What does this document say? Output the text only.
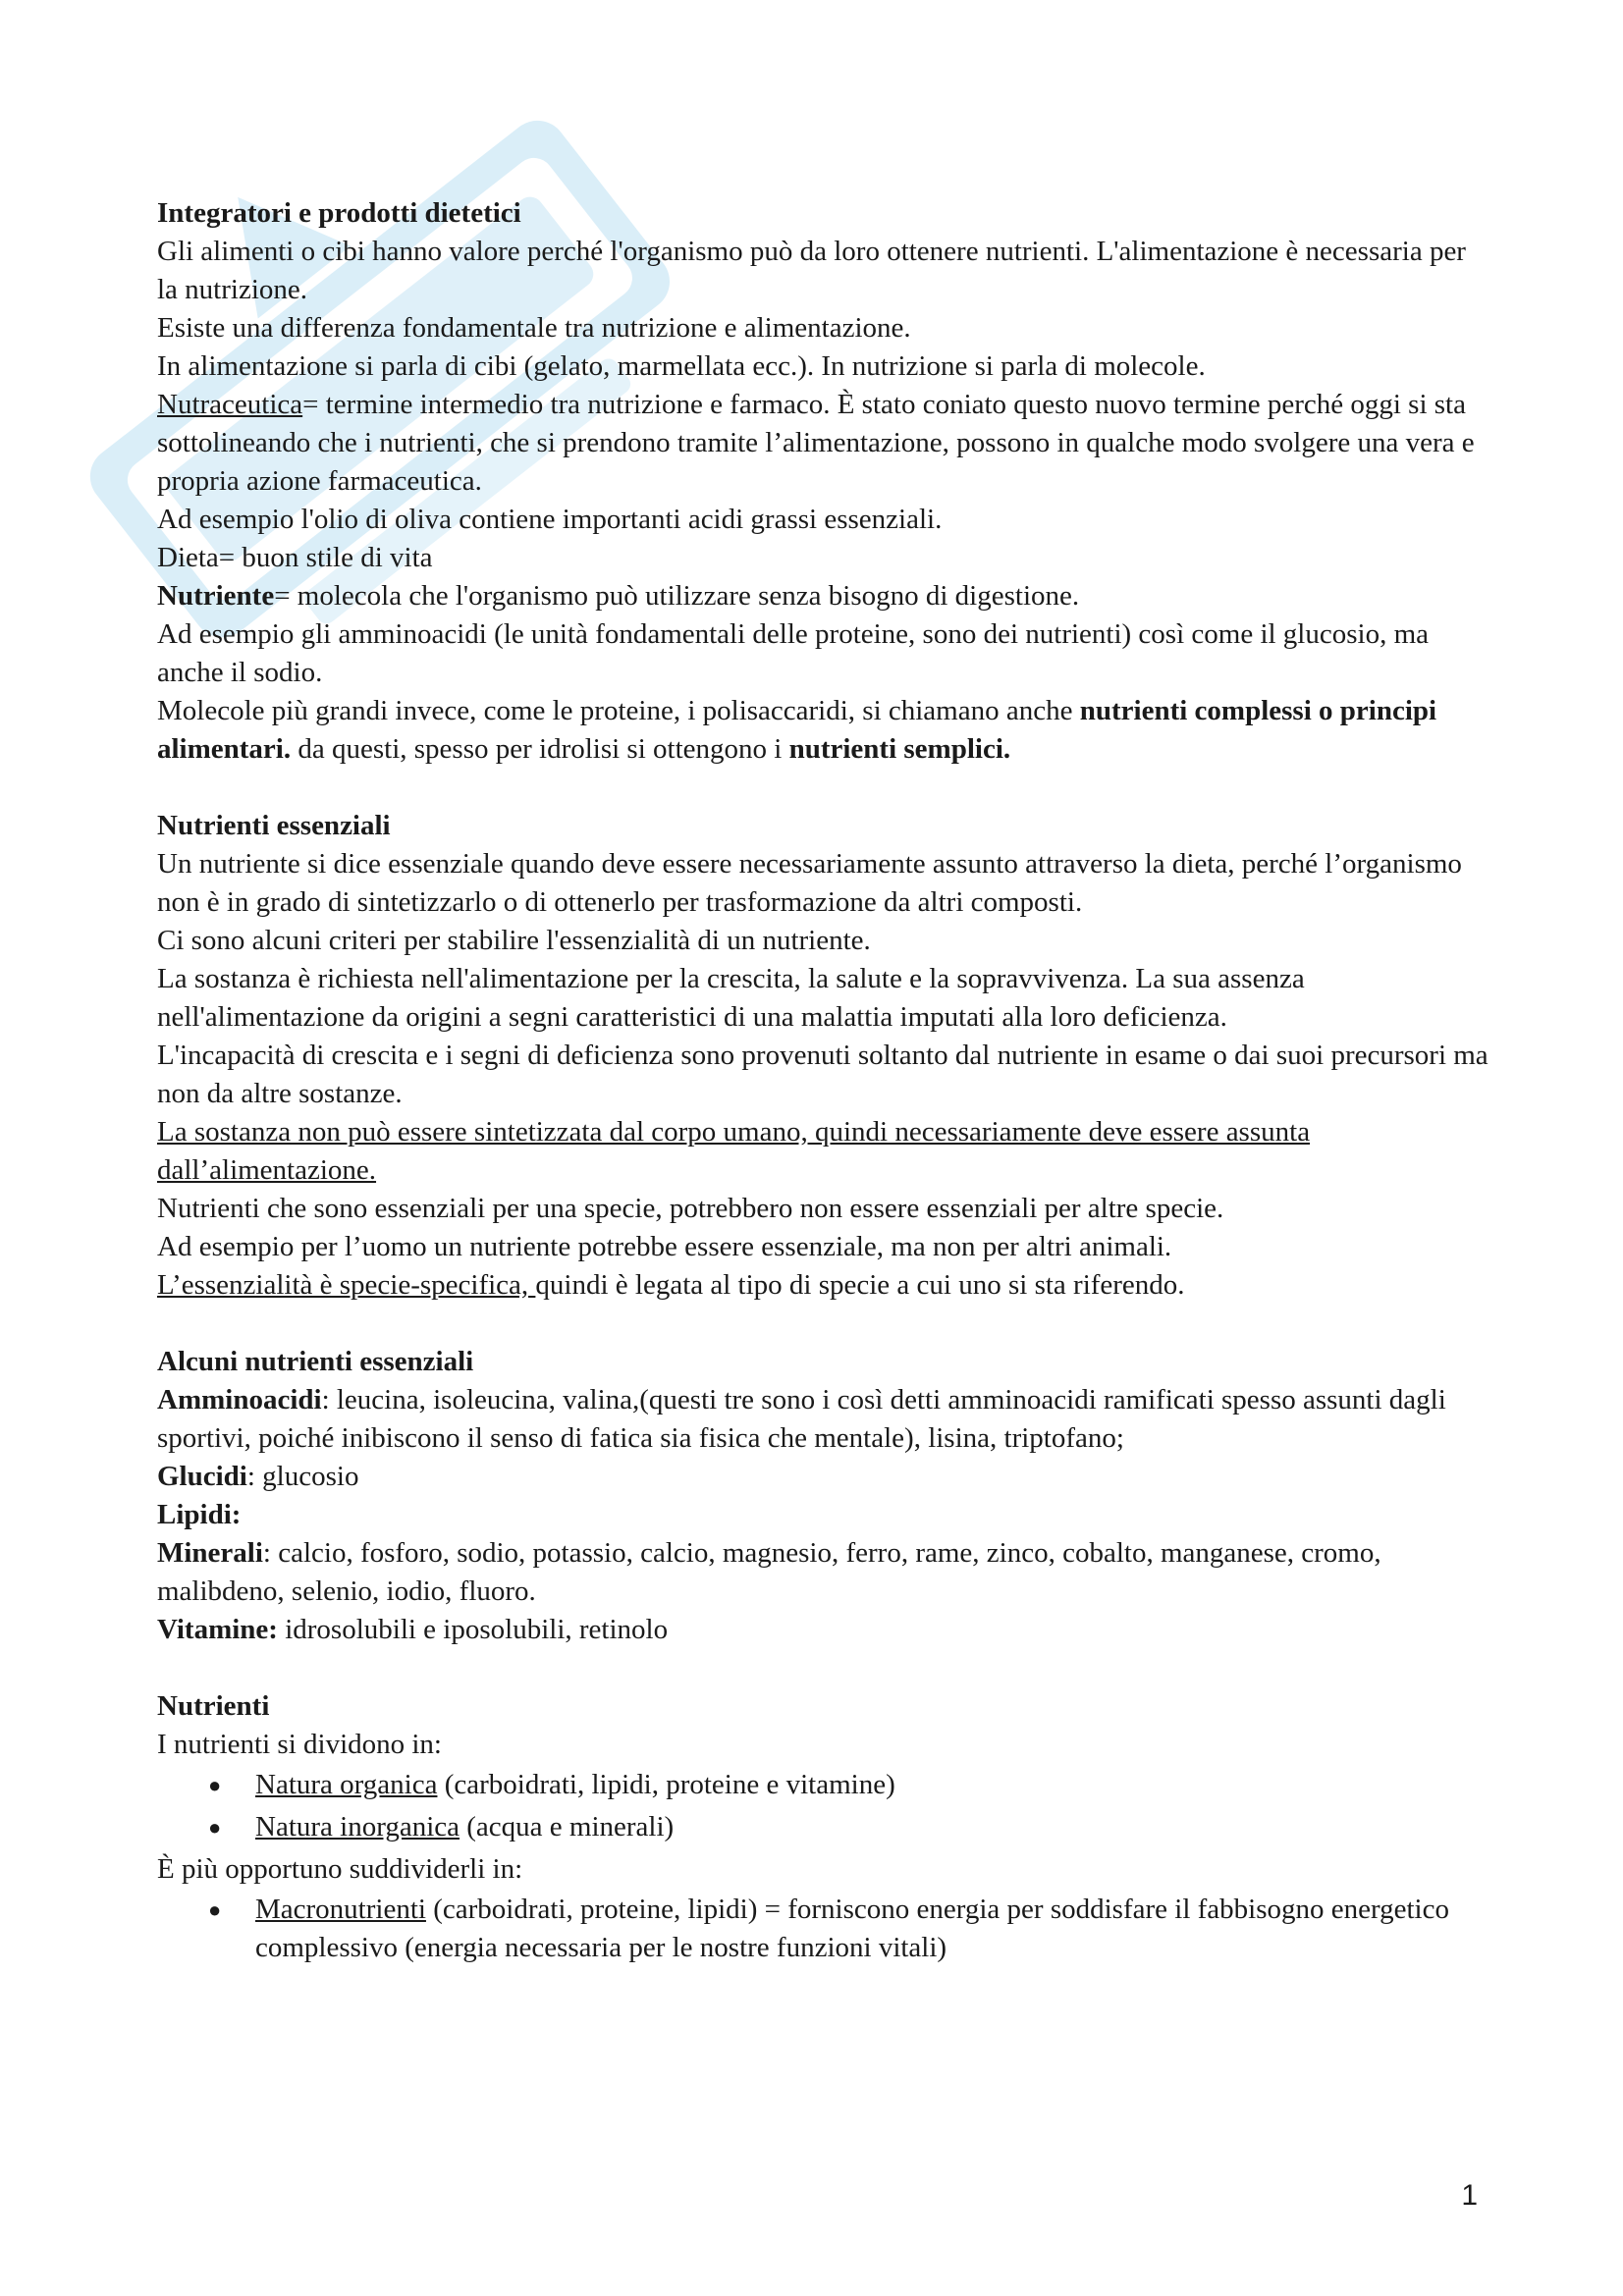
Integratori e prodotti dietetici

Gli alimenti o cibi hanno valore perché l'organismo può da loro ottenere nutrienti. L'alimentazione è necessaria per la nutrizione.

Esiste una differenza fondamentale tra nutrizione e alimentazione.

In alimentazione si parla di cibi (gelato, marmellata ecc.). In nutrizione si parla di molecole.

Nutraceutica= termine intermedio tra nutrizione e farmaco. È stato coniato questo nuovo termine perché oggi si sta sottolineando che i nutrienti, che si prendono tramite l’alimentazione, possono in qualche modo svolgere una vera e propria azione farmaceutica.

Ad esempio l'olio di oliva contiene importanti acidi grassi essenziali.

Dieta= buon stile di vita

Nutriente= molecola che l'organismo può utilizzare senza bisogno di digestione.

Ad esempio gli amminoacidi (le unità fondamentali delle proteine, sono dei nutrienti) così come il glucosio, ma anche il sodio.

Molecole più grandi invece, come le proteine, i polisaccaridi, si chiamano anche nutrienti complessi o principi alimentari. da questi, spesso per idrolisi si ottengono i nutrienti semplici.

Nutrienti essenziali

Un nutriente si dice essenziale quando deve essere necessariamente assunto attraverso la dieta, perché l’organismo non è in grado di sintetizzarlo o di ottenerlo per trasformazione da altri composti.

Ci sono alcuni criteri per stabilire l'essenzialità di un nutriente.

La sostanza è richiesta nell'alimentazione per la crescita, la salute e la sopravvivenza. La sua assenza nell'alimentazione da origini a segni caratteristici di una malattia imputati alla loro deficienza.

L'incapacità di crescita e i segni di deficienza sono provenuti soltanto dal nutriente in esame o dai suoi precursori ma non da altre sostanze.

La sostanza non può essere sintetizzata dal corpo umano, quindi necessariamente deve essere assunta dall’alimentazione.

Nutrienti che sono essenziali per una specie, potrebbero non essere essenziali per altre specie.

Ad esempio per l’uomo un nutriente potrebbe essere essenziale, ma non per altri animali.

L’essenzialità è specie-specifica, quindi è legata al tipo di specie a cui uno si sta riferendo.

Alcuni nutrienti essenziali

Amminoacidi: leucina, isoleucina, valina,(questi tre sono i così detti amminoacidi ramificati spesso assunti dagli sportivi, poiché inibiscono il senso di fatica sia fisica che mentale), lisina, triptofano;

Glucidi: glucosio

Lipidi:

Minerali: calcio, fosforo, sodio, potassio, calcio, magnesio, ferro, rame, zinco, cobalto, manganese, cromo, malibdeno, selenio, iodio, fluoro.

Vitamine: idrosolubili e iposolubili, retinolo

Nutrienti

I nutrienti si dividono in:

● Natura organica (carboidrati, lipidi, proteine e vitamine)
● Natura inorganica (acqua e minerali)

È più opportuno suddividerli in:

● Macronutrienti (carboidrati, proteine, lipidi) = forniscono energia per soddisfare il fabbisogno energetico complessivo (energia necessaria per le nostre funzioni vitali)
1
